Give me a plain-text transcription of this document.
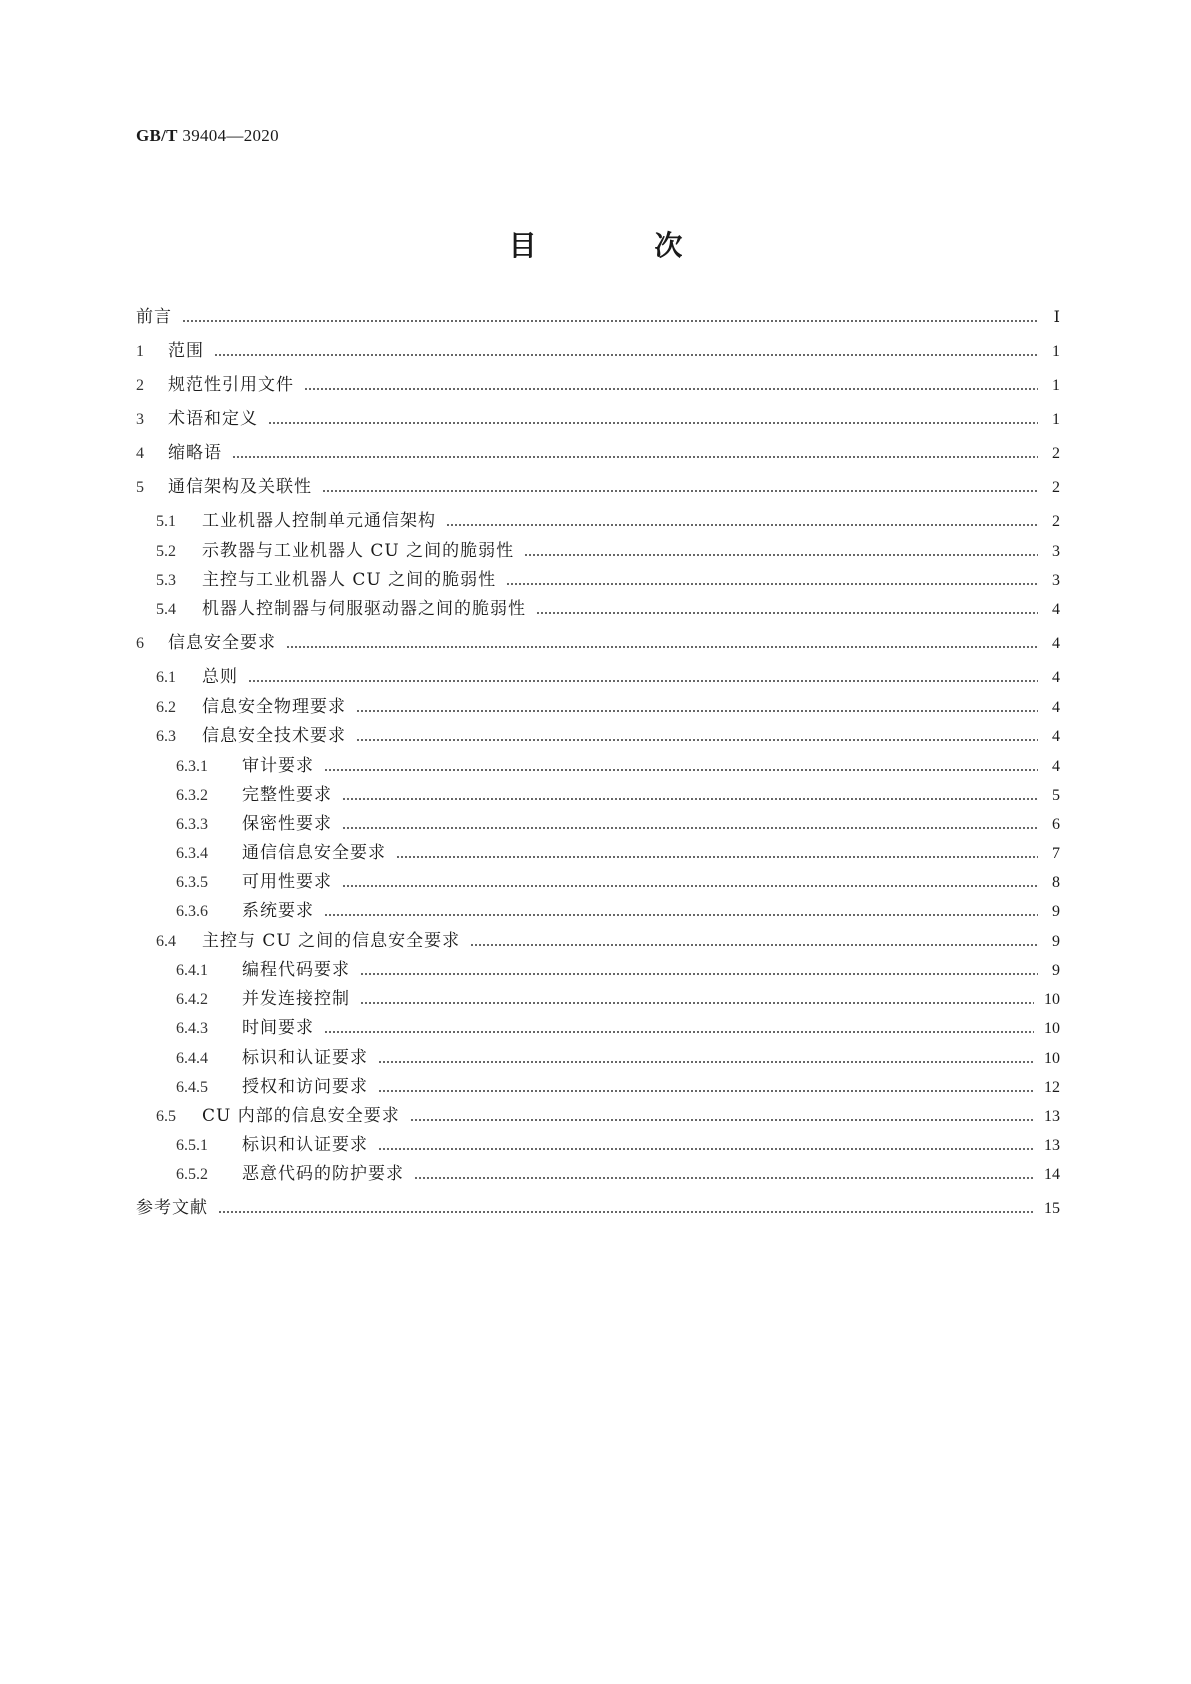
GB/T 39404—2020
目 次
前言	Ⅰ
1	范围	1
2	规范性引用文件	1
3	术语和定义	1
4	缩略语	2
5	通信架构及关联性	2
5.1	工业机器人控制单元通信架构	2
5.2	示教器与工业机器人 CU 之间的脆弱性	3
5.3	主控与工业机器人 CU 之间的脆弱性	3
5.4	机器人控制器与伺服驱动器之间的脆弱性	4
6	信息安全要求	4
6.1	总则	4
6.2	信息安全物理要求	4
6.3	信息安全技术要求	4
6.3.1	审计要求	4
6.3.2	完整性要求	5
6.3.3	保密性要求	6
6.3.4	通信信息安全要求	7
6.3.5	可用性要求	8
6.3.6	系统要求	9
6.4	主控与 CU 之间的信息安全要求	9
6.4.1	编程代码要求	9
6.4.2	并发连接控制	10
6.4.3	时间要求	10
6.4.4	标识和认证要求	10
6.4.5	授权和访问要求	12
6.5	CU 内部的信息安全要求	13
6.5.1	标识和认证要求	13
6.5.2	恶意代码的防护要求	14
参考文献	15
